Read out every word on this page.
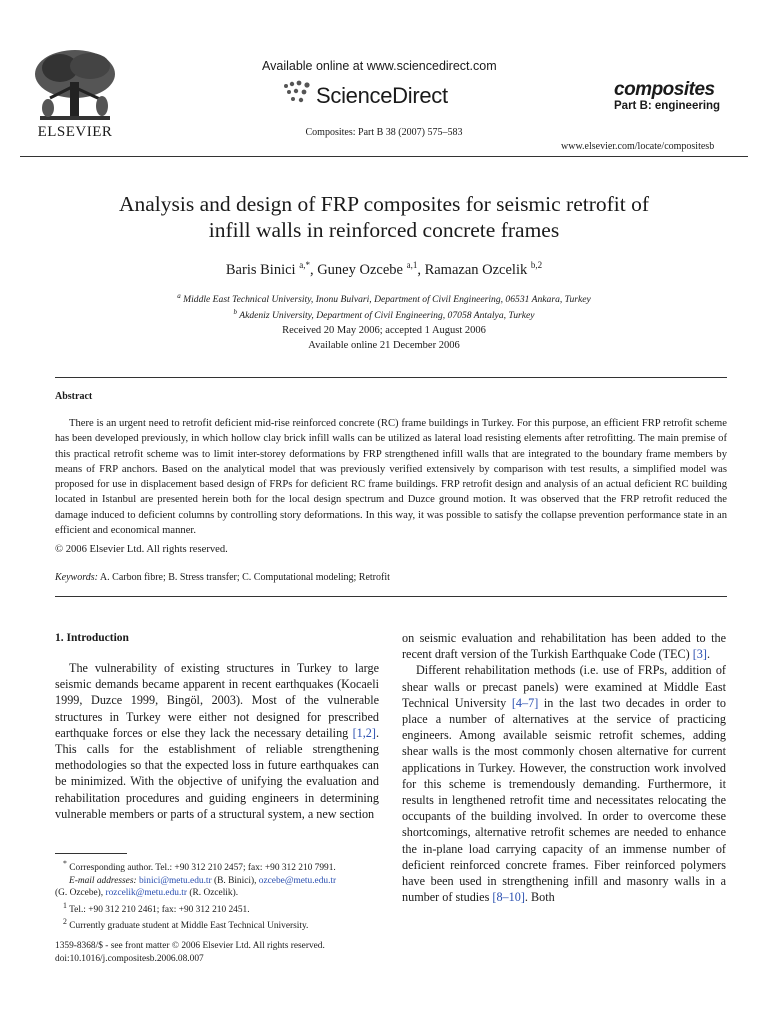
ELSEVIER
Available online at www.sciencedirect.com
ScienceDirect
Composites: Part B 38 (2007) 575–583
composites
Part B: engineering
www.elsevier.com/locate/compositesb
Analysis and design of FRP composites for seismic retrofit of
infill walls in reinforced concrete frames
Baris Binici $^{a,*}$, Guney Ozcebe $^{a,1}$, Ramazan Ozcelik $^{b,2}$
$^a$ Middle East Technical University, Inonu Bulvari, Department of Civil Engineering, 06531 Ankara, Turkey
$^b$ Akdeniz University, Department of Civil Engineering, 07058 Antalya, Turkey
Received 20 May 2006; accepted 1 August 2006
Available online 21 December 2006
Abstract

There is an urgent need to retrofit deficient mid-rise reinforced concrete (RC) frame buildings in Turkey. For this purpose, an efficient FRP retrofit scheme has been developed previously, in which hollow clay brick infill walls can be utilized as lateral load resisting elements after retrofitting. The main premise of this practical retrofit scheme was to limit inter-storey deformations by FRP strengthened infill walls that are integrated to the boundary frame members by means of FRP anchors. Based on the analytical model that was previously verified extensively by comparison with test results, a simplified model was proposed for use in displacement based design of FRPs for deficient RC frame buildings. FRP retrofit design and analysis of an actual deficient RC building located in Istanbul are presented herein both for the local design spectrum and Duzce ground motion. It was observed that the FRP retrofit reduced the damage induced to deficient columns by controlling story deformations. In this way, it was possible to satisfy the collapse prevention performance state in an efficient and economical manner.

© 2006 Elsevier Ltd. All rights reserved.
Keywords: A. Carbon fibre; B. Stress transfer; C. Computational modeling; Retrofit
1. Introduction

The vulnerability of existing structures in Turkey to large seismic demands became apparent in recent earthquakes (Kocaeli 1999, Duzce 1999, Bingöl, 2003). Most of the vulnerable structures in Turkey were either not designed for prescribed earthquake forces or else they lack the necessary detailing [1,2]. This calls for the establishment of reliable strengthening methodologies so that the expected loss in future earthquakes can be minimized. With the objective of unifying the evaluation and rehabilitation procedures and guiding engineers in determining vulnerable members or parts of a structural system, a new section

on seismic evaluation and rehabilitation has been added to the recent draft version of the Turkish Earthquake Code (TEC) [3].

Different rehabilitation methods (i.e. use of FRPs, addition of shear walls or precast panels) were examined at Middle East Technical University [4–7] in the last two decades in order to place a number of alternatives at the service of practicing engineers. Among available seismic retrofit schemes, adding shear walls is the most commonly chosen alternative for current applications in Turkey. However, the construction work involved for this scheme is tremendously demanding. Furthermore, it results in lengthened retrofit time and necessitates relocating the occupants of the building involved. In order to overcome these shortcomings, alternative retrofit schemes are needed to enhance the in-plane load carrying capacity of an immense number of deficient reinforced concrete frames. Fiber reinforced polymers have been used in strengthening infill and masonry walls in a number of studies [8–10]. Both

* Corresponding author. Tel.: +90 312 210 2457; fax: +90 312 210 7991.

E-mail addresses: binici@metu.edu.tr (B. Binici), ozcebe@metu.edu.tr

(G. Ozcebe), rozcelik@metu.edu.tr (R. Ozcelik).

$^1$ Tel.: +90 312 210 2461; fax: +90 312 210 2451.

$^2$ Currently graduate student at Middle East Technical University.

1359-8368/$ - see front matter © 2006 Elsevier Ltd. All rights reserved.

doi:10.1016/j.compositesb.2006.08.007
